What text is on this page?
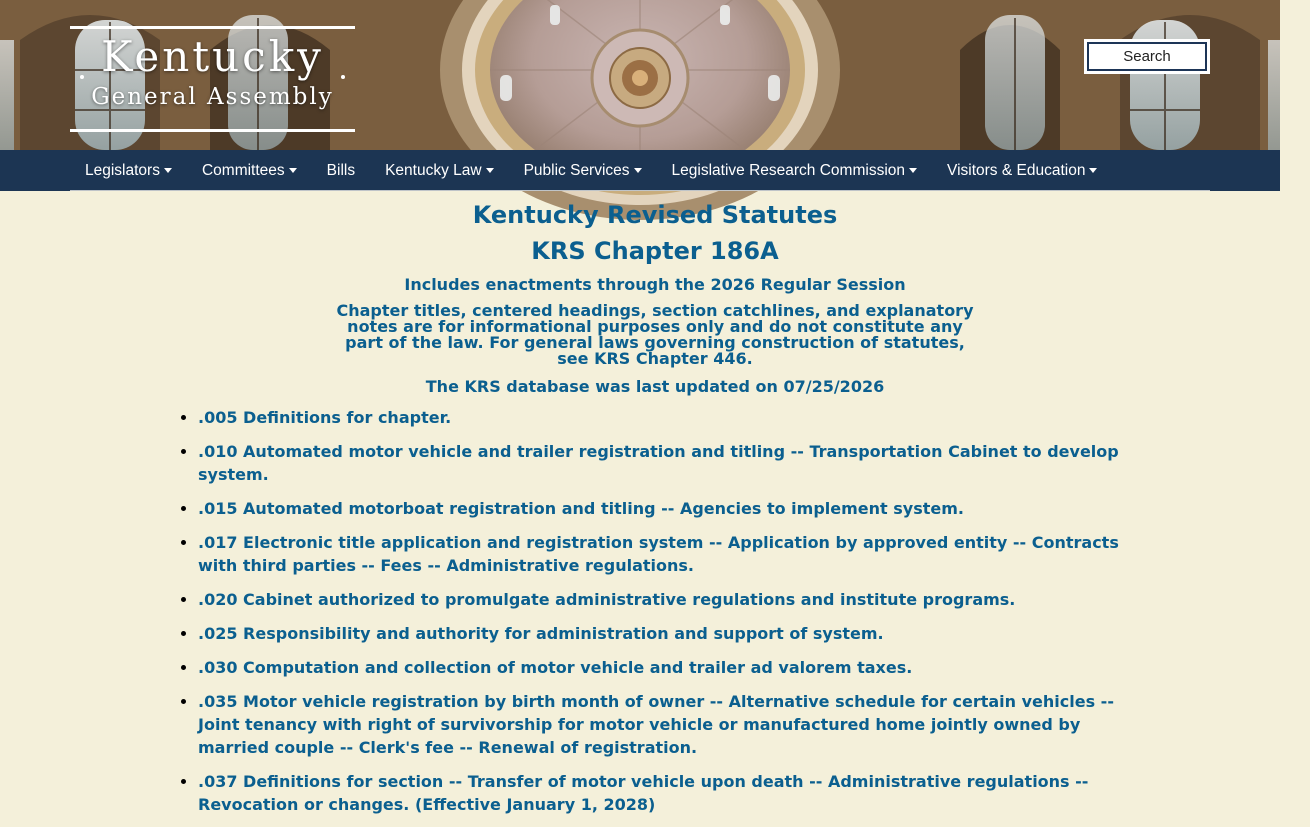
Kentucky
General Assembly
Search
Legislators	Committees	Bills Kentucky Law	Public Services	Legislative Research Commission	Visitors & Education
Kentucky Revised Statutes
KRS Chapter 186A
Includes enactments through the 2026 Regular Session
Chapter titles, centered headings, section catchlines, and explanatory notes are for informational purposes only and do not constitute any part of the law. For general laws governing construction of statutes, see KRS Chapter 446.
The KRS database was last updated on 07/25/2026
.005 Definitions for chapter.
.010 Automated motor vehicle and trailer registration and titling -- Transportation Cabinet to develop system.
.015 Automated motorboat registration and titling -- Agencies to implement system.
.017 Electronic title application and registration system -- Application by approved entity -- Contracts with third parties -- Fees -- Administrative regulations.
.020 Cabinet authorized to promulgate administrative regulations and institute programs.
.025 Responsibility and authority for administration and support of system.
.030 Computation and collection of motor vehicle and trailer ad valorem taxes.
.035 Motor vehicle registration by birth month of owner -- Alternative schedule for certain vehicles -- Joint tenancy with right of survivorship for motor vehicle or manufactured home jointly owned by married couple -- Clerk's fee -- Renewal of registration.
.037 Definitions for section -- Transfer of motor vehicle upon death -- Administrative regulations -- Revocation or changes. (Effective January 1, 2028)
